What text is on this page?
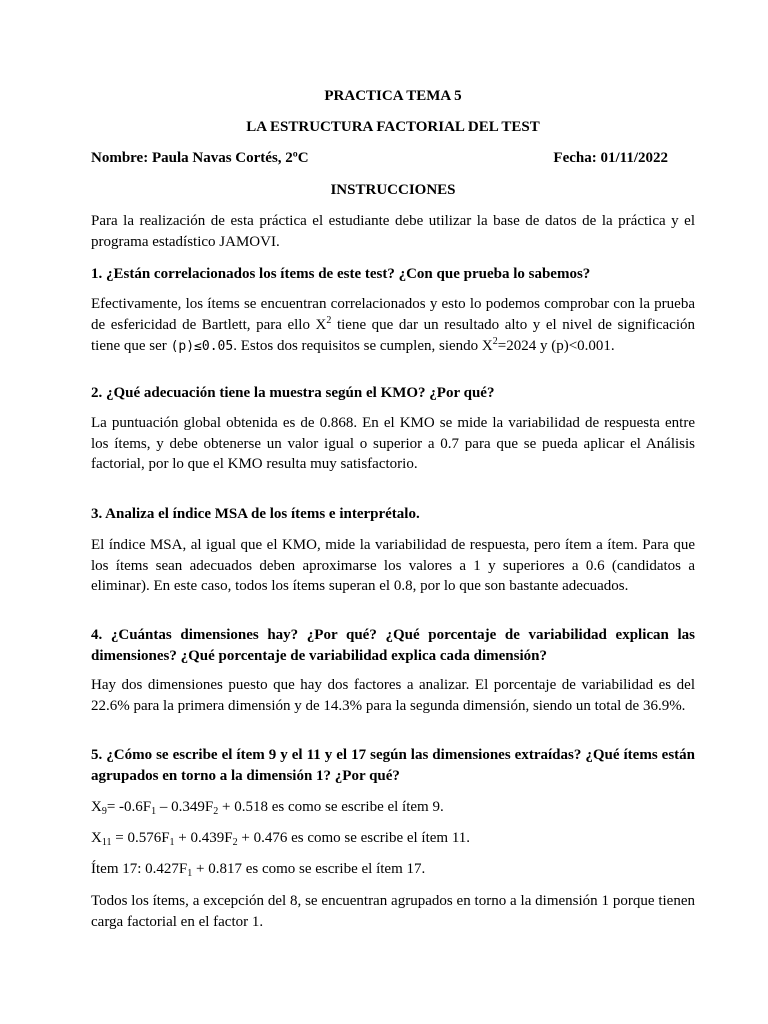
PRACTICA TEMA 5
LA ESTRUCTURA FACTORIAL DEL TEST
Nombre: Paula Navas Cortés, 2ºC	Fecha: 01/11/2022
INSTRUCCIONES
Para la realización de esta práctica el estudiante debe utilizar la base de datos de la práctica y el programa estadístico JAMOVI.
1. ¿Están correlacionados los ítems de este test? ¿Con que prueba lo sabemos?
Efectivamente, los ítems se encuentran correlacionados y esto lo podemos comprobar con la prueba de esfericidad de Bartlett, para ello $X^2$ tiene que dar un resultado alto y el nivel de significación tiene que ser (p)≤0.05. Estos dos requisitos se cumplen, siendo $X^2=2024$ y (p)<0.001.
2. ¿Qué adecuación tiene la muestra según el KMO? ¿Por qué?
La puntuación global obtenida es de 0.868. En el KMO se mide la variabilidad de respuesta entre los ítems, y debe obtenerse un valor igual o superior a 0.7 para que se pueda aplicar el Análisis factorial, por lo que el KMO resulta muy satisfactorio.
3. Analiza el índice MSA de los ítems e interprétalo.
El índice MSA, al igual que el KMO, mide la variabilidad de respuesta, pero ítem a ítem. Para que los ítems sean adecuados deben aproximarse los valores a 1 y superiores a 0.6 (candidatos a eliminar). En este caso, todos los ítems superan el 0.8, por lo que son bastante adecuados.
4. ¿Cuántas dimensiones hay? ¿Por qué? ¿Qué porcentaje de variabilidad explican las dimensiones? ¿Qué porcentaje de variabilidad explica cada dimensión?
Hay dos dimensiones puesto que hay dos factores a analizar. El porcentaje de variabilidad es del 22.6% para la primera dimensión y de 14.3% para la segunda dimensión, siendo un total de 36.9%.
5. ¿Cómo se escribe el ítem 9 y el 11 y el 17 según las dimensiones extraídas? ¿Qué ítems están agrupados en torno a la dimensión 1? ¿Por qué?
$X_9= -0.6F_1 - 0.349F_2 + 0.518$ es como se escribe el ítem 9.
$X_{11} = 0.576F_1 + 0.439F_2 + 0.476$ es como se escribe el ítem 11.
Ítem 17: $0.427F_1 + 0.817$ es como se escribe el ítem 17.
Todos los ítems, a excepción del 8, se encuentran agrupados en torno a la dimensión 1 porque tienen carga factorial en el factor 1.
